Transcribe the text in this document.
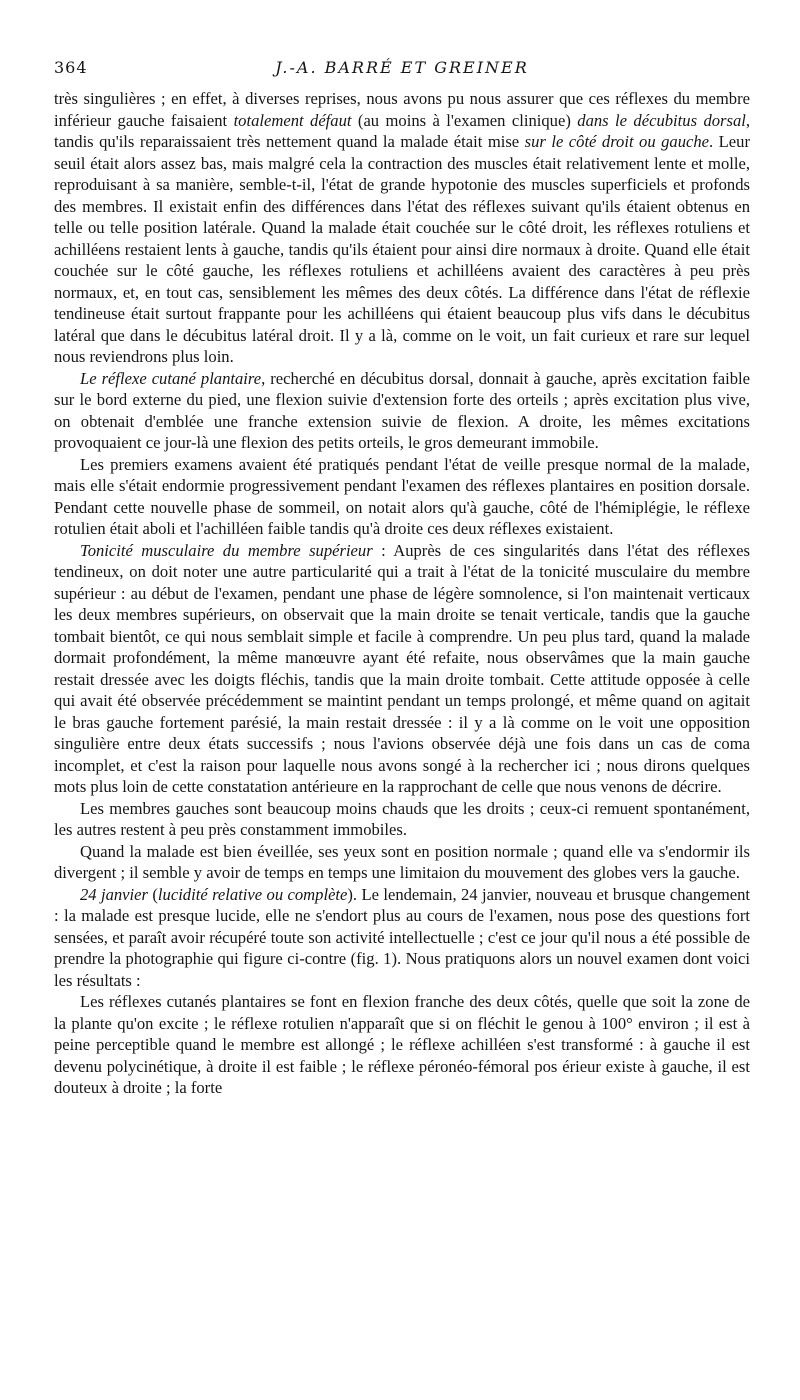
364	J.-A. BARRÉ ET GREINER

très singulières ; en effet, à diverses reprises, nous avons pu nous assurer que ces réflexes du membre inférieur gauche faisaient totalement défaut (au moins à l'examen clinique) dans le décubitus dorsal, tandis qu'ils reparaissaient très nettement quand la malade était mise sur le côté droit ou gauche. Leur seuil était alors assez bas, mais malgré cela la contraction des muscles était relativement lente et molle, reproduisant à sa manière, semble-t-il, l'état de grande hypotonie des muscles superficiels et profonds des membres. Il existait enfin des différences dans l'état des réflexes suivant qu'ils étaient obtenus en telle ou telle position latérale. Quand la malade était couchée sur le côté droit, les réflexes rotuliens et achilléens restaient lents à gauche, tandis qu'ils étaient pour ainsi dire normaux à droite. Quand elle était couchée sur le côté gauche, les réflexes rotuliens et achilléens avaient des caractères à peu près normaux, et, en tout cas, sensiblement les mêmes des deux côtés. La différence dans l'état de réflexie tendineuse était surtout frappante pour les achilléens qui étaient beaucoup plus vifs dans le décubitus latéral que dans le décubitus latéral droit. Il y a là, comme on le voit, un fait curieux et rare sur lequel nous reviendrons plus loin.

Le réflexe cutané plantaire, recherché en décubitus dorsal, donnait à gauche, après excitation faible sur le bord externe du pied, une flexion suivie d'extension forte des orteils ; après excitation plus vive, on obtenait d'emblée une franche extension suivie de flexion. A droite, les mêmes excitations provoquaient ce jour-là une flexion des petits orteils, le gros demeurant immobile.

Les premiers examens avaient été pratiqués pendant l'état de veille presque normal de la malade, mais elle s'était endormie progressivement pendant l'examen des réflexes plantaires en position dorsale. Pendant cette nouvelle phase de sommeil, on notait alors qu'à gauche, côté de l'hémiplégie, le réflexe rotulien était aboli et l'achilléen faible tandis qu'à droite ces deux réflexes existaient.

Tonicité musculaire du membre supérieur : Auprès de ces singularités dans l'état des réflexes tendineux, on doit noter une autre particularité qui a trait à l'état de la tonicité musculaire du membre supérieur : au début de l'examen, pendant une phase de légère somnolence, si l'on maintenait verticaux les deux membres supérieurs, on observait que la main droite se tenait verticale, tandis que la gauche tombait bientôt, ce qui nous semblait simple et facile à comprendre. Un peu plus tard, quand la malade dormait profondément, la même manœuvre ayant été refaite, nous observâmes que la main gauche restait dressée avec les doigts fléchis, tandis que la main droite tombait. Cette attitude opposée à celle qui avait été observée précédemment se maintint pendant un temps prolongé, et même quand on agitait le bras gauche fortement parésié, la main restait dressée : il y a là comme on le voit une opposition singulière entre deux états successifs ; nous l'avions observée déjà une fois dans un cas de coma incomplet, et c'est la raison pour laquelle nous avons songé à la rechercher ici ; nous dirons quelques mots plus loin de cette constatation antérieure en la rapprochant de celle que nous venons de décrire.

Les membres gauches sont beaucoup moins chauds que les droits ; ceux-ci remuent spontanément, les autres restent à peu près constamment immobiles.

Quand la malade est bien éveillée, ses yeux sont en position normale ; quand elle va s'endormir ils divergent ; il semble y avoir de temps en temps une limitaion du mouvement des globes vers la gauche.

24 janvier (lucidité relative ou complète). Le lendemain, 24 janvier, nouveau et brusque changement : la malade est presque lucide, elle ne s'endort plus au cours de l'examen, nous pose des questions fort sensées, et paraît avoir récupéré toute son activité intellectuelle ; c'est ce jour qu'il nous a été possible de prendre la photographie qui figure ci-contre (fig. 1). Nous pratiquons alors un nouvel examen dont voici les résultats :

Les réflexes cutanés plantaires se font en flexion franche des deux côtés, quelle que soit la zone de la plante qu'on excite ; le réflexe rotulien n'apparaît que si on fléchit le genou à 100° environ ; il est à peine perceptible quand le membre est allongé ; le réflexe achilléen s'est transformé : à gauche il est devenu polycinétique, à droite il est faible ; le réflexe péronéo-fémoral pos érieur existe à gauche, il est douteux à droite ; la forte
